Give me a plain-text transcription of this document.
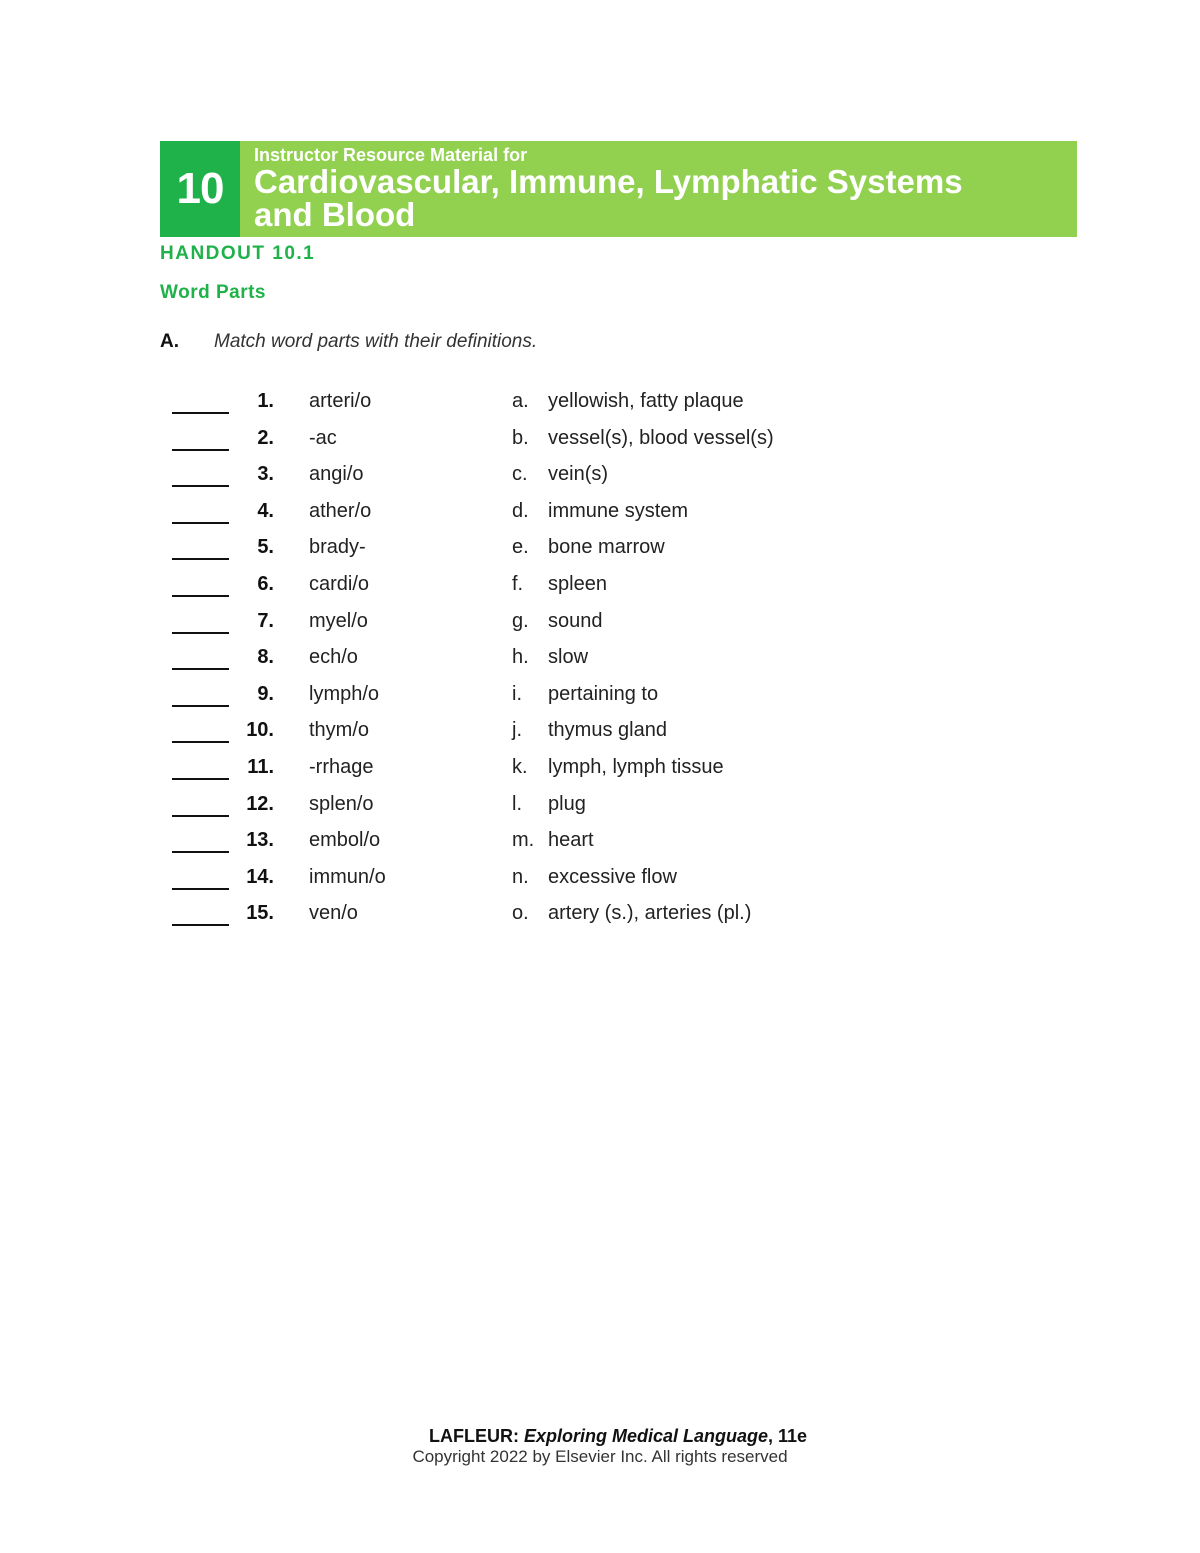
10
Instructor Resource Material for
Cardiovascular, Immune, Lymphatic Systems
and Blood
HANDOUT 10.1
Word Parts
A.	Match word parts with their definitions.
1. arteri/o	a. yellowish, fatty plaque
2. -ac	b. vessel(s), blood vessel(s)
3. angi/o	c. vein(s)
4. ather/o	d. immune system
5. brady-	e. bone marrow
6. cardi/o	f. spleen
7. myel/o	g. sound
8. ech/o	h. slow
9. lymph/o	i. pertaining to
10. thym/o	j. thymus gland
11. -rrhage	k. lymph, lymph tissue
12. splen/o	l. plug
13. embol/o	m. heart
14. immun/o	n. excessive flow
15. ven/o	o. artery (s.), arteries (pl.)
LAFLEUR: Exploring Medical Language, 11e
Copyright 2022 by Elsevier Inc. All rights reserved
